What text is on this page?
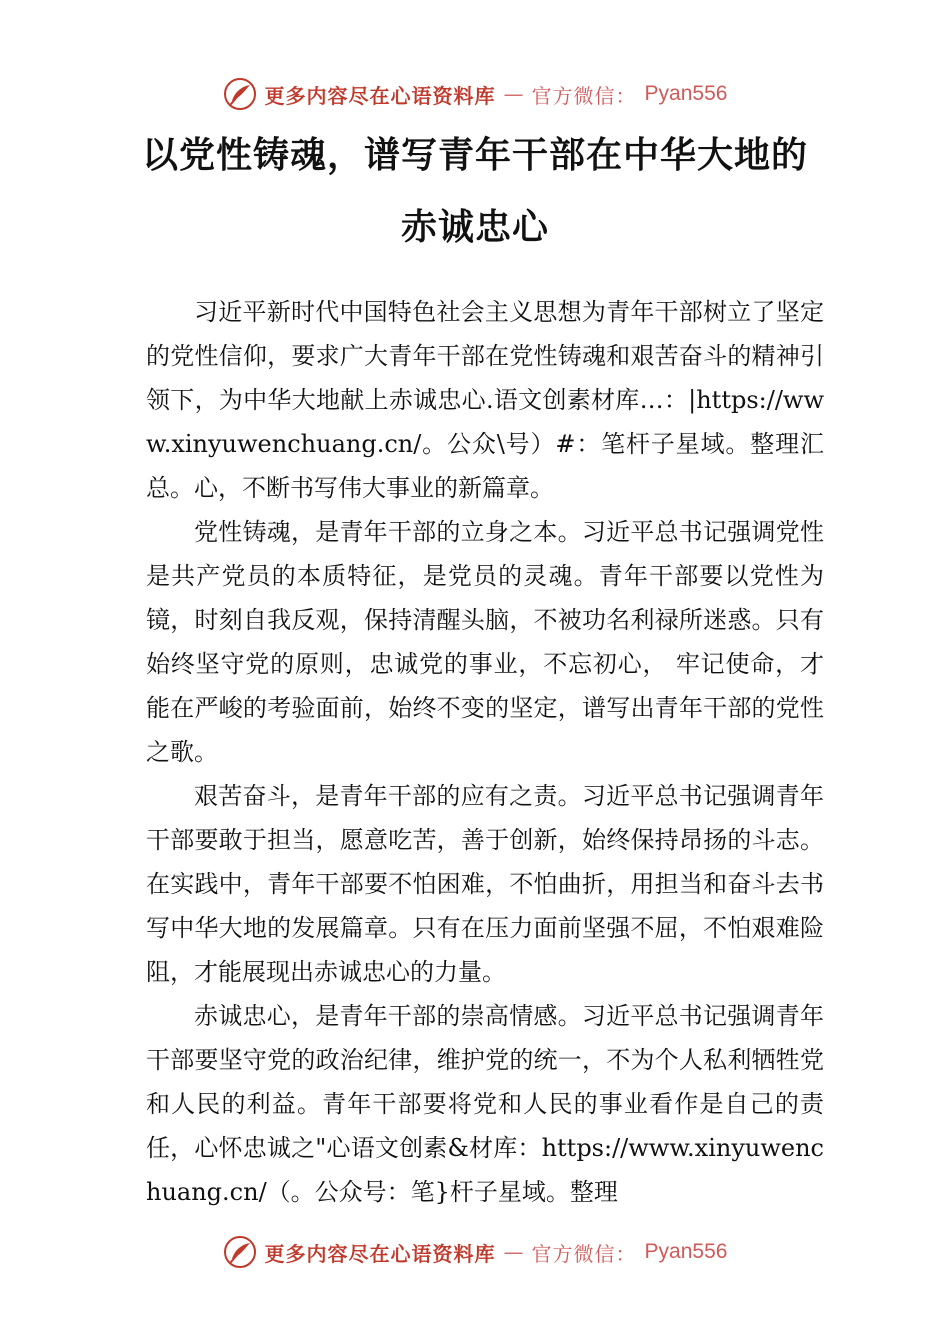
更多内容尽在心语资料库 — 官方微信： Pyan556
以党性铸魂，谱写青年干部在中华大地的赤诚忠心

习近平新时代中国特色社会主义思想为青年干部树立了坚定的党性信仰，要求广大青年干部在党性铸魂和艰苦奋斗的精神引领下，为中华大地献上赤诚忠心.语文创素材库…：|https://www.xinyuwenchuang.cn/。公众\号）#：笔杆子星域。整理汇总。心，不断书写伟大事业的新篇章。

党性铸魂，是青年干部的立身之本。习近平总书记强调党性是共产党员的本质特征，是党员的灵魂。青年干部要以党性为镜，时刻自我反观，保持清醒头脑，不被功名利禄所迷惑。只有始终坚守党的原则，忠诚党的事业，不忘初心， 牢记使命，才能在严峻的考验面前，始终不变的坚定，谱写出青年干部的党性之歌。

艰苦奋斗，是青年干部的应有之责。习近平总书记强调青年干部要敢于担当，愿意吃苦，善于创新，始终保持昂扬的斗志。在实践中，青年干部要不怕困难，不怕曲折，用担当和奋斗去书写中华大地的发展篇章。只有在压力面前坚强不屈，不怕艰难险阻，才能展现出赤诚忠心的力量。

赤诚忠心，是青年干部的崇高情感。习近平总书记强调青年干部要坚守党的政治纪律，维护党的统一，不为个人私利牺牲党和人民的利益。青年干部要将党和人民的事业看作是自己的责任，心怀忠诚之"心语文创素&材库：https://www.xinyuwenchuang.cn/（。公众号：笔}杆子星域。整理

更多内容尽在心语资料库 — 官方微信： Pyan556
